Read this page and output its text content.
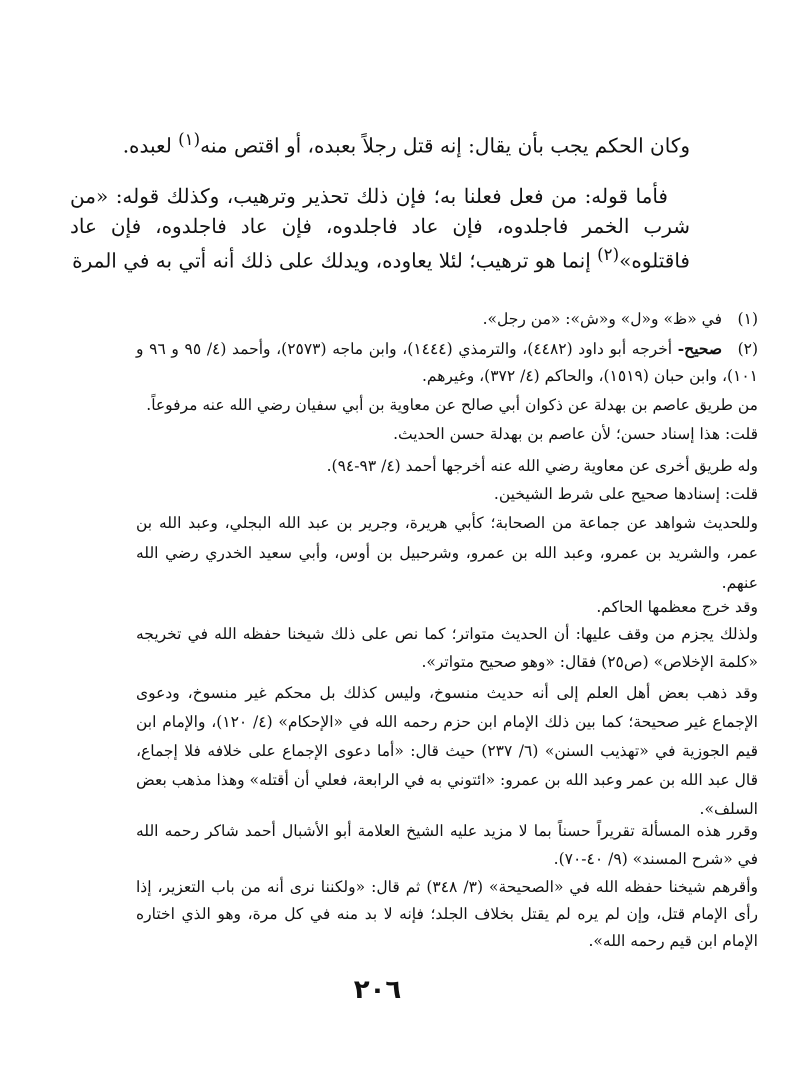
وكان الحكم يجب بأن يقال: إنه قتل رجلاً بعبده، أو اقتص منه$^{(١)}$ لعبده.
فأما قوله: من فعل فعلنا به؛ فإن ذلك تحذير وترهيب، وكذلك قوله: «من شرب الخمر فاجلدوه، فإن عاد فاجلدوه، فإن عاد فاجلدوه، فإن عاد فاقتلوه»$^{(٢)}$ إنما هو ترهيب؛ لئلا يعاوده، ويدلك على ذلك أنه أتي به في المرة
(١)في «ظ» و«ل» و«ش»: «من رجل».
(٢)صحيح- أخرجه أبو داود (٤٤٨٢)، والترمذي (١٤٤٤)، وابن ماجه (٢٥٧٣)، وأحمد (٤/ ٩٥ و ٩٦ و ١٠١)، وابن حبان (١٥١٩)، والحاكم (٤/ ٣٧٢)، وغيرهم.
من طريق عاصم بن بهدلة عن ذكوان أبي صالح عن معاوية بن أبي سفيان رضي الله عنه مرفوعاً.
قلت: هذا إسناد حسن؛ لأن عاصم بن بهدلة حسن الحديث.
وله طريق أخرى عن معاوية رضي الله عنه أخرجها أحمد (٤/ ٩٣-٩٤).
قلت: إسنادها صحيح على شرط الشيخين.
وللحديث شواهد عن جماعة من الصحابة؛ كأبي هريرة، وجرير بن عبد الله البجلي، وعبد الله بن عمر، والشريد بن عمرو، وعبد الله بن عمرو، وشرحبيل بن أوس، وأبي سعيد الخدري رضي الله عنهم.
وقد خرج معظمها الحاكم.
ولذلك يجزم من وقف عليها: أن الحديث متواتر؛ كما نص على ذلك شيخنا حفظه الله في تخريجه «كلمة الإخلاص» (ص٢٥) فقال: «وهو صحيح متواتر».
وقد ذهب بعض أهل العلم إلى أنه حديث منسوخ، وليس كذلك بل محكم غير منسوخ، ودعوى الإجماع غير صحيحة؛ كما بين ذلك الإمام ابن حزم رحمه الله في «الإحكام» (٤/ ١٢٠)، والإمام ابن قيم الجوزية في «تهذيب السنن» (٦/ ٢٣٧) حيث قال: «أما دعوى الإجماع على خلافه فلا إجماع، قال عبد الله بن عمر وعبد الله بن عمرو: «ائتوني به في الرابعة، فعلي أن أقتله» وهذا مذهب بعض السلف».
وقرر هذه المسألة تقريراً حسناً بما لا مزيد عليه الشيخ العلامة أبو الأشبال أحمد شاكر رحمه الله في «شرح المسند» (٩/ ٤٠-٧٠).
وأقرهم شيخنا حفظه الله في «الصحيحة» (٣/ ٣٤٨) ثم قال: «ولكننا نرى أنه من باب التعزير، إذا رأى الإمام قتل، وإن لم يره لم يقتل بخلاف الجلد؛ فإنه لا بد منه في كل مرة، وهو الذي اختاره الإمام ابن قيم رحمه الله».
٢٠٦
